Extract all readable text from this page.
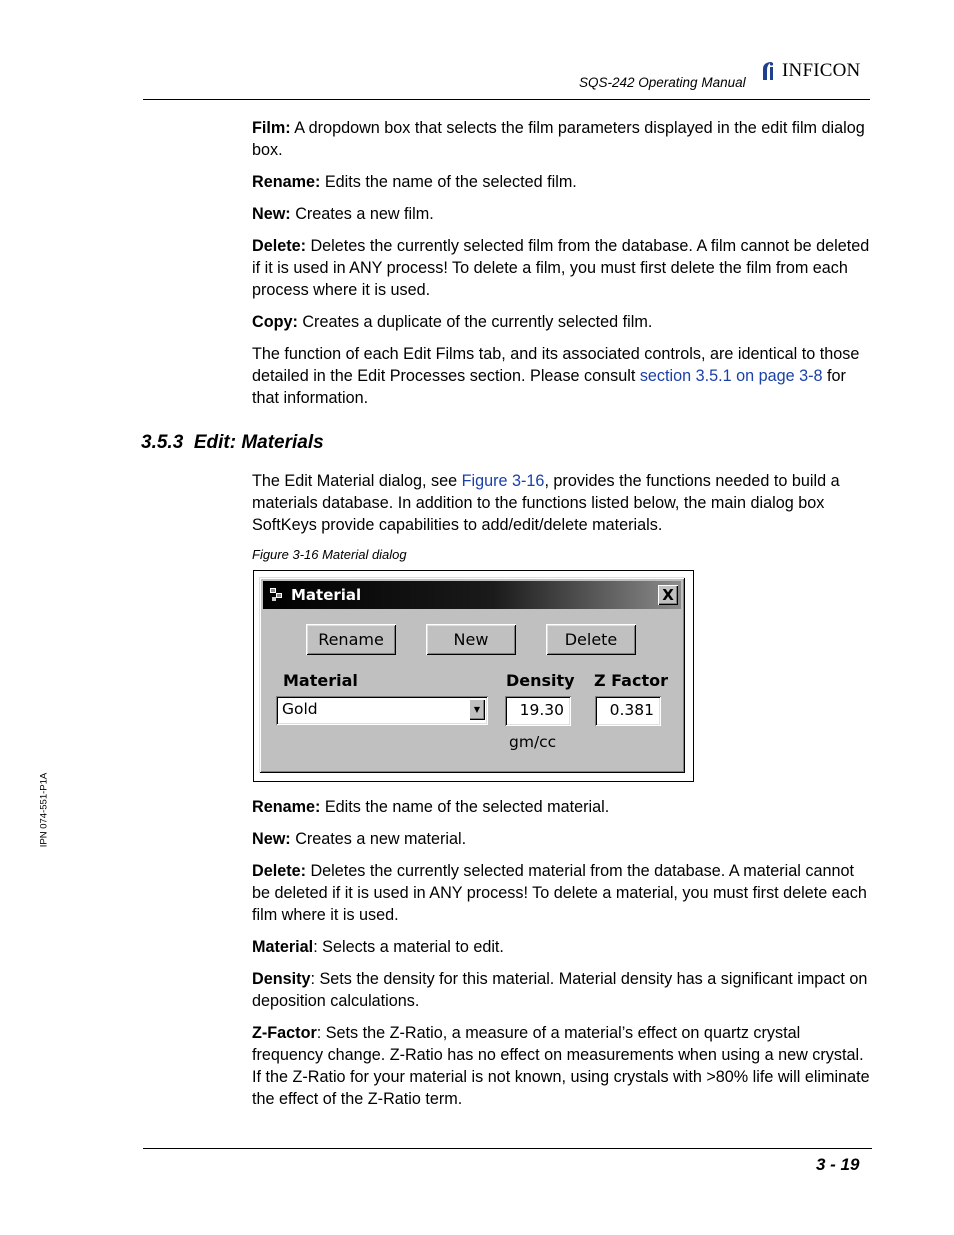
SQS-242 Operating Manual
INFICON
IPN 074-551-P1A

Film: A dropdown box that selects the film parameters displayed in the edit film dialog box.

Rename: Edits the name of the selected film.

New: Creates a new film.

Delete: Deletes the currently selected film from the database. A film cannot be deleted if it is used in ANY process! To delete a film, you must first delete the film from each process where it is used.

Copy: Creates a duplicate of the currently selected film.

The function of each Edit Films tab, and its associated controls, are identical to those detailed in the Edit Processes section. Please consult section 3.5.1 on page 3-8 for that information.

3.5.3 Edit: Materials

The Edit Material dialog, see Figure 3-16, provides the functions needed to build a materials database. In addition to the functions listed below, the main dialog box SoftKeys provide capabilities to add/edit/delete materials.

Figure 3-16 Material dialog
Material	X
Rename	New	Delete
Material	Density Z Factor
Gold	▼	19.30	0.381
gm/cc

Rename: Edits the name of the selected material.

New: Creates a new material.

Delete: Deletes the currently selected material from the database. A material cannot be deleted if it is used in ANY process! To delete a material, you must first delete each film where it is used.

Material: Selects a material to edit.

Density: Sets the density for this material. Material density has a significant impact on deposition calculations.

Z-Factor: Sets the Z-Ratio, a measure of a material’s effect on quartz crystal frequency change. Z-Ratio has no effect on measurements when using a new crystal. If the Z-Ratio for your material is not known, using crystals with >80% life will eliminate the effect of the Z-Ratio term.

3 - 19
